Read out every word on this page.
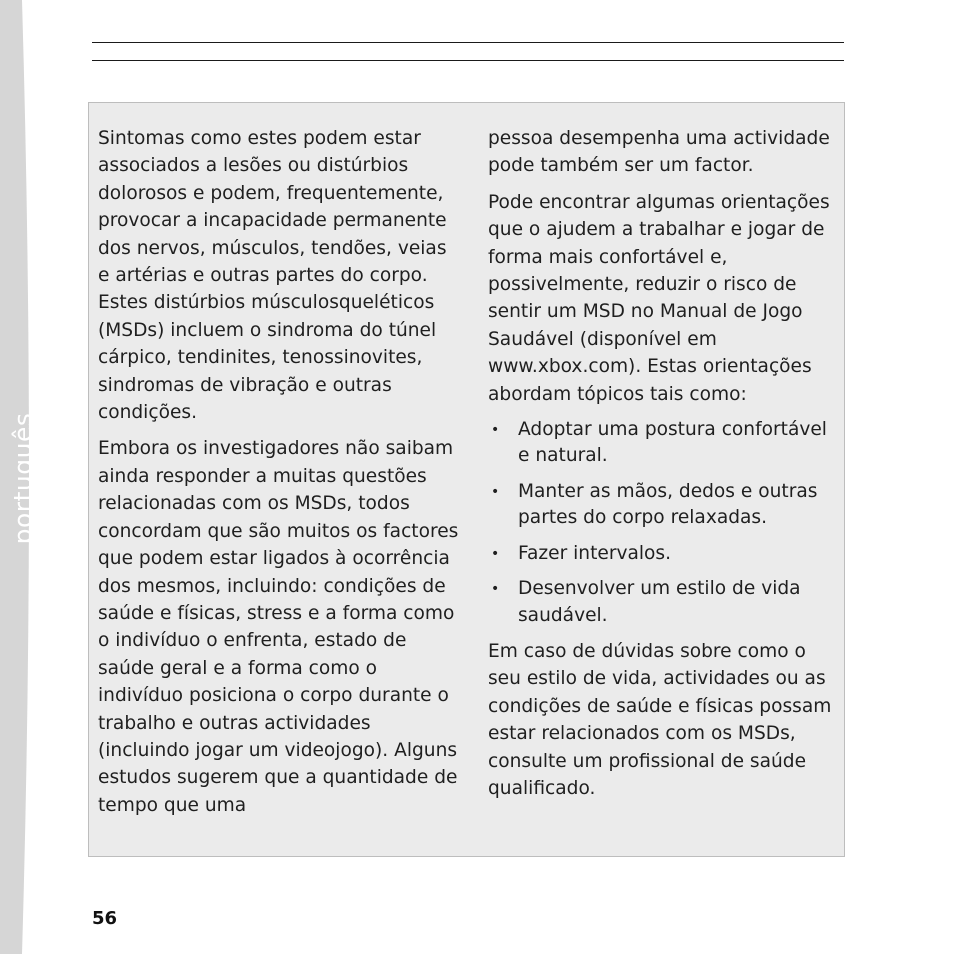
português

Sintomas como estes podem estar associados a lesões ou distúrbios dolorosos e podem, frequentemente, provocar a incapacidade permanente dos nervos, músculos, tendões, veias e artérias e outras partes do corpo. Estes distúrbios músculosqueléticos (MSDs) incluem o sindroma do túnel cárpico, tendinites, tenossinovites, sindromas de vibração e outras condições.

Embora os investigadores não saibam ainda responder a muitas questões relacionadas com os MSDs, todos concordam que são muitos os factores que podem estar ligados à ocorrência dos mesmos, incluindo: condições de saúde e físicas, stress e a forma como o indivíduo o enfrenta, estado de saúde geral e a forma como o indivíduo posiciona o corpo durante o trabalho e outras actividades (incluindo jogar um videojogo). Alguns estudos sugerem que a quantidade de tempo que uma

pessoa desempenha uma actividade pode também ser um factor.

Pode encontrar algumas orientações que o ajudem a trabalhar e jogar de forma mais confortável e, possivelmente, reduzir o risco de sentir um MSD no Manual de Jogo Saudável (disponível em www.xbox.com). Estas orientações abordam tópicos tais como:

• Adoptar uma postura confortável e natural.
• Manter as mãos, dedos e outras partes do corpo relaxadas.
• Fazer intervalos.
• Desenvolver um estilo de vida saudável.

Em caso de dúvidas sobre como o seu estilo de vida, actividades ou as condições de saúde e físicas possam estar relacionados com os MSDs, consulte um profissional de saúde qualificado.

56
